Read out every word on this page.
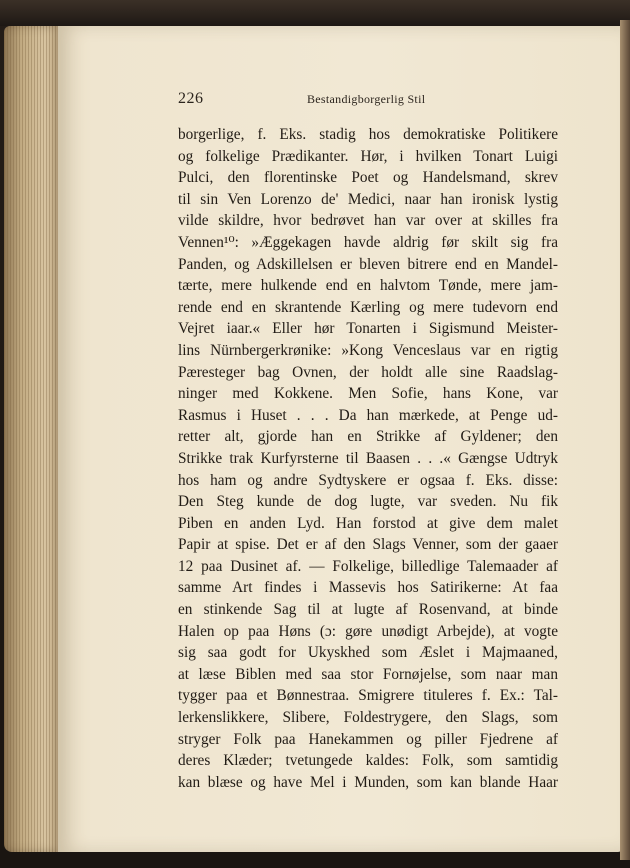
226	Bestandigborgerlig Stil
borgerlige, f. Eks. stadig hos demokratiske Politikere
og folkelige Prædikanter. Hør, i hvilken Tonart Luigi
Pulci, den florentinske Poet og Handelsmand, skrev
til sin Ven Lorenzo de' Medici, naar han ironisk lystig
vilde skildre, hvor bedrøvet han var over at skilles fra
Vennen¹⁰: »Æggekagen havde aldrig før skilt sig fra
Panden, og Adskillelsen er bleven bitrere end en Mandel-
tærte, mere hulkende end en halvtom Tønde, mere jam-
rende end en skrantende Kærling og mere tudevorn end
Vejret iaar.« Eller hør Tonarten i Sigismund Meister-
lins Nürnbergerkrønike: »Kong Venceslaus var en rigtig
Pæresteger bag Ovnen, der holdt alle sine Raadslag-
ninger med Kokkene. Men Sofie, hans Kone, var
Rasmus i Huset . . . Da han mærkede, at Penge ud-
retter alt, gjorde han en Strikke af Gyldener; den
Strikke trak Kurfyrsterne til Baasen . . .« Gængse Udtryk
hos ham og andre Sydtyskere er ogsaa f. Eks. disse:
Den Steg kunde de dog lugte, var sveden. Nu fik
Piben en anden Lyd. Han forstod at give dem malet
Papir at spise. Det er af den Slags Venner, som der gaaer
12 paa Dusinet af. — Folkelige, billedlige Talemaader af
samme Art findes i Massevis hos Satirikerne: At faa
en stinkende Sag til at lugte af Rosenvand, at binde
Halen op paa Høns (ɔ: gøre unødigt Arbejde), at vogte
sig saa godt for Ukyskhed som Æslet i Majmaaned,
at læse Biblen med saa stor Fornøjelse, som naar man
tygger paa et Bønnestraa. Smigrere tituleres f. Ex.: Tal-
lerkenslikkere, Slibere, Foldestrygere, den Slags, som
stryger Folk paa Hanekammen og piller Fjedrene af
deres Klæder; tvetungede kaldes: Folk, som samtidig
kan blæse og have Mel i Munden, som kan blande Haar
